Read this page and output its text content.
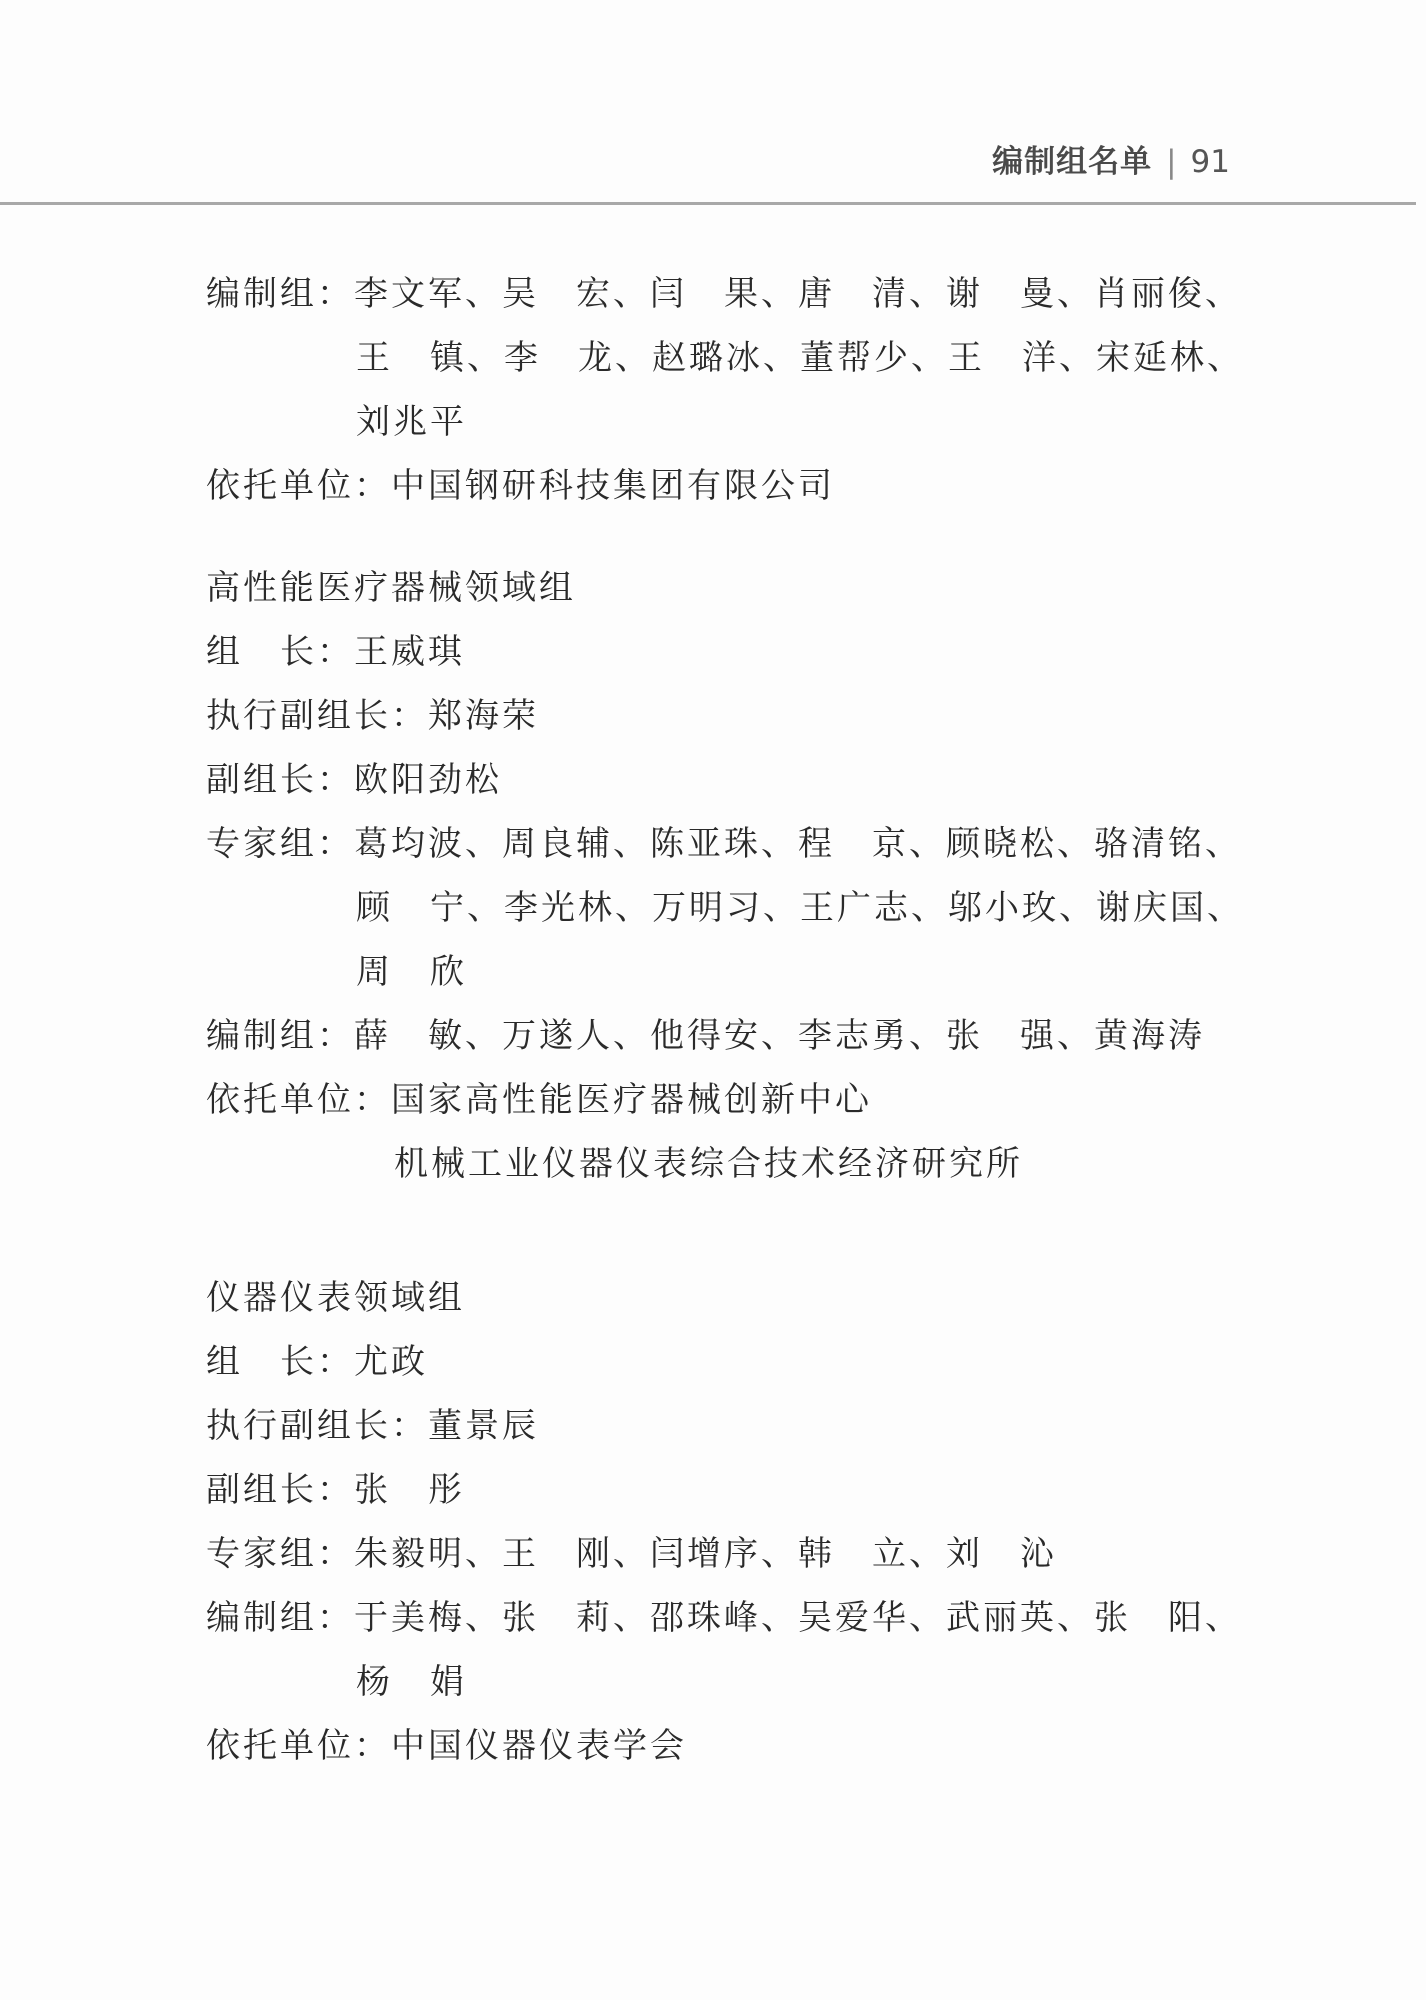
编制组名单 | 91
编制组：李文军、吴　宏、闫　果、唐　清、谢　曼、肖丽俊、
王　镇、李　龙、赵璐冰、董帮少、王　洋、宋延林、
刘兆平
依托单位：中国钢研科技集团有限公司
高性能医疗器械领域组
组　长：王威琪
执行副组长：郑海荣
副组长：欧阳劲松
专家组：葛均波、周良辅、陈亚珠、程　京、顾晓松、骆清铭、
顾　宁、李光林、万明习、王广志、邬小玫、谢庆国、
周　欣
编制组：薛　敏、万遂人、他得安、李志勇、张　强、黄海涛
依托单位：国家高性能医疗器械创新中心
机械工业仪器仪表综合技术经济研究所
仪器仪表领域组
组　长：尤政
执行副组长：董景辰
副组长：张　彤
专家组：朱毅明、王　刚、闫增序、韩　立、刘　沁
编制组：于美梅、张　莉、邵珠峰、吴爱华、武丽英、张　阳、
杨　娟
依托单位：中国仪器仪表学会
